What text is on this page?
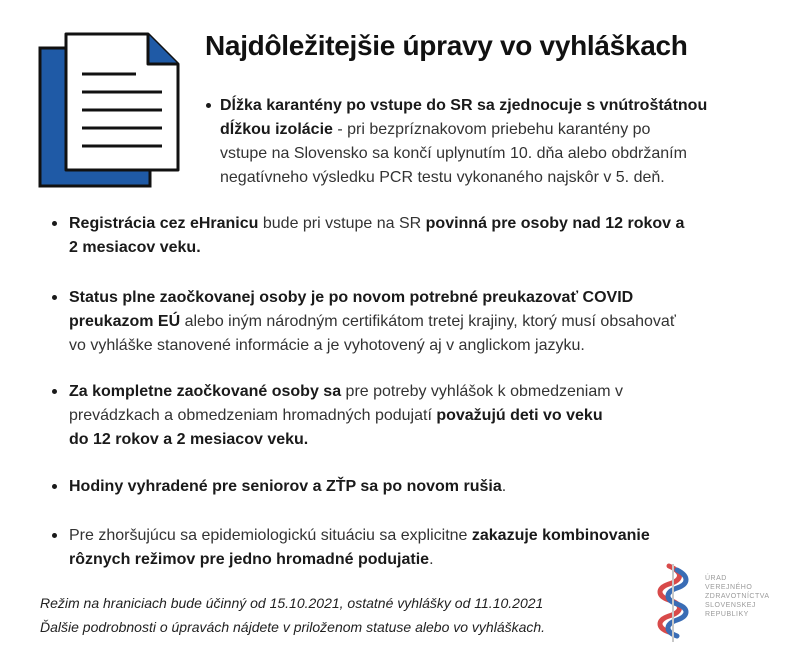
Najdôležitejšie úpravy vo vyhláškach
Dĺžka karantény po vstupe do SR sa zjednocuje s vnútroštátnou
dĺžkou izolácie - pri bezpríznakovom priebehu karantény po
vstupe na Slovensko sa končí uplynutím 10. dňa alebo obdržaním
negatívneho výsledku PCR testu vykonaného najskôr v 5. deň.
Registrácia cez eHranicu bude pri vstupe na SR povinná pre osoby nad 12 rokov a
2 mesiacov veku.
Status plne zaočkovanej osoby je po novom potrebné preukazovať COVID
preukazom EÚ alebo iným národným certifikátom tretej krajiny, ktorý musí obsahovať
vo vyhláške stanovené informácie a je vyhotovený aj v anglickom jazyku.
Za kompletne zaočkované osoby sa pre potreby vyhlášok k obmedzeniam v
prevádzkach a obmedzeniam hromadných podujatí považujú deti vo veku
do 12 rokov a 2 mesiacov veku.
Hodiny vyhradené pre seniorov a ZŤP sa po novom rušia.
Pre zhoršujúcu sa epidemiologickú situáciu sa explicitne zakazuje kombinovanie
rôznych režimov pre jedno hromadné podujatie.
Režim na hraniciach bude účinný od 15.10.2021, ostatné vyhlášky od 11.10.2021
Ďalšie podrobnosti o úpravách nájdete v priloženom statuse alebo vo vyhláškach.
ÚRAD
VEREJNÉHO
ZDRAVOTNÍCTVA
SLOVENSKEJ
REPUBLIKY
